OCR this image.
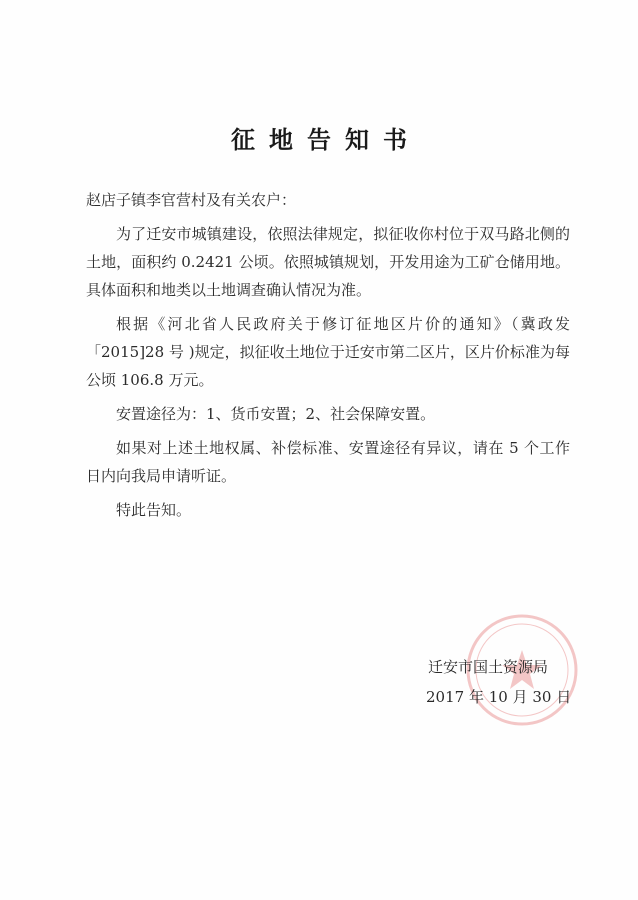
征地告知书

赵店子镇李官营村及有关农户：

为了迁安市城镇建设，依照法律规定，拟征收你村位于双马路北侧的土地，面积约 0.2421 公顷。依照城镇规划，开发用途为工矿仓储用地。具体面积和地类以土地调查确认情况为准。

根据《河北省人民政府关于修订征地区片价的通知》（冀政发「2015]28 号 )规定，拟征收土地位于迁安市第二区片，区片价标准为每公顷 106.8 万元。

安置途径为：1、货币安置；2、社会保障安置。

如果对上述土地权属、补偿标准、安置途径有异议，请在 5 个工作日内向我局申请听证。

特此告知。

迁安市国土资源局
2017 年 10 月 30 日
